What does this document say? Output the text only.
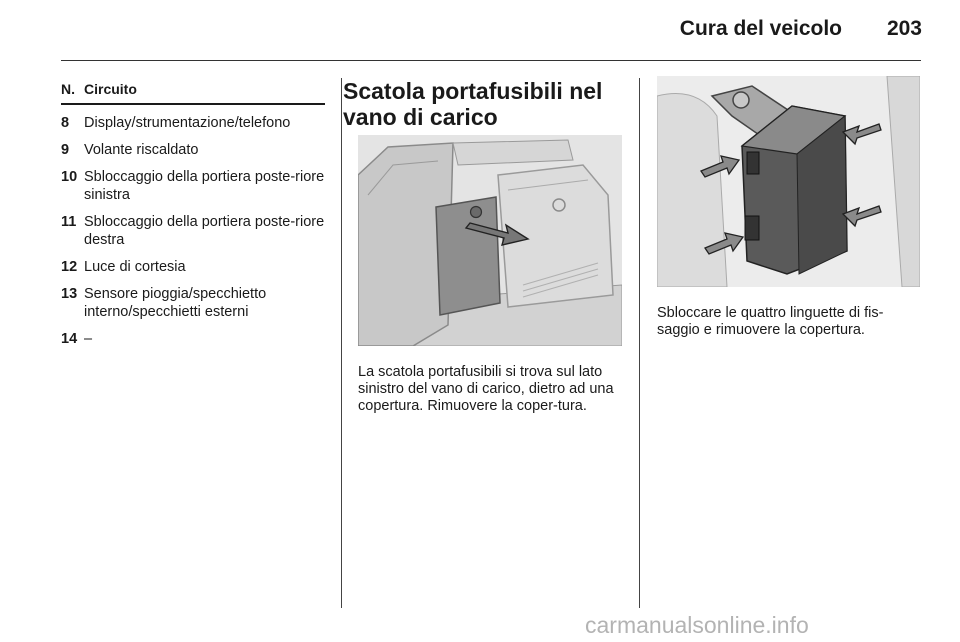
Cura del veicolo 203
N. Circuito
8	Display/strumentazione/telefono
9	Volante riscaldato
10 Sbloccaggio della portiera poste-riore sinistra
11 Sbloccaggio della portiera poste-riore destra
12 Luce di cortesia
13 Sensore pioggia/specchietto interno/specchietti esterni
14 –
Scatola portafusibili nel vano di carico
La scatola portafusibili si trova sul lato sinistro del vano di carico, dietro ad una copertura. Rimuovere la coper-tura.
Sbloccare le quattro linguette di fis-saggio e rimuovere la copertura.
carmanualsonline.info
